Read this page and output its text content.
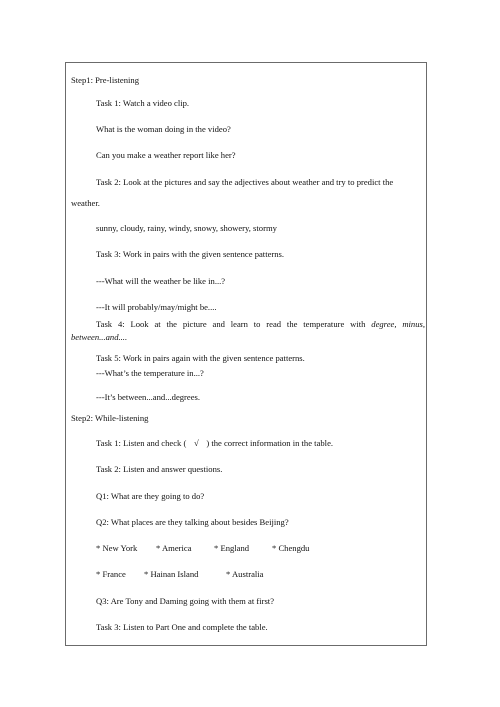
Step1: Pre-listening
Task 1: Watch a video clip.
What is the woman doing in the video?
Can you make a weather report like her?
Task 2: Look at the pictures and say the adjectives about weather and try to predict the
weather.
sunny, cloudy, rainy, windy, snowy, showery, stormy
Task 3: Work in pairs with the given sentence patterns.
---What will the weather be like in...?
---It will probably/may/might be....
Task 4: Look at the picture and learn to read the temperature with degree, minus, between...and....
Task 5: Work in pairs again with the given sentence patterns.
---What’s the temperature in...?
---It’s between...and...degrees.
Step2: While-listening
Task 1: Listen and check ( √ ) the correct information in the table.
Task 2: Listen and answer questions.
Q1: What are they going to do?
Q2: What places are they talking about besides Beijing?
* New York * America	* England	* Chengdu
* France * Hainan Island	* Australia
Q3: Are Tony and Daming going with them at first?
Task 3: Listen to Part One and complete the table.
